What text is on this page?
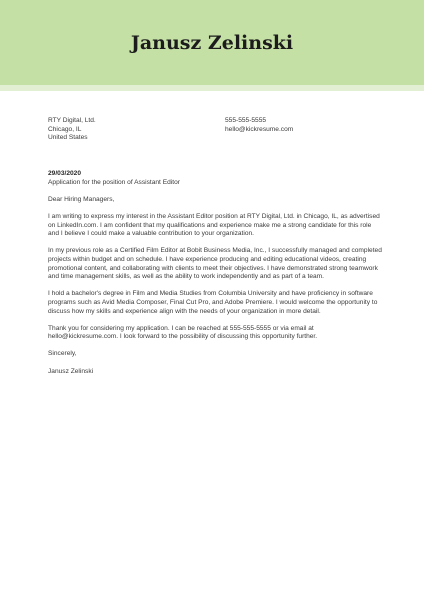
Janusz Zelinski
RTY Digital, Ltd.
Chicago, IL
United States
555-555-5555
hello@kickresume.com
29/03/2020
Application for the position of Assistant Editor

Dear Hiring Managers,

I am writing to express my interest in the Assistant Editor position at RTY Digital, Ltd. in Chicago, IL, as advertised on LinkedIn.com. I am confident that my qualifications and experience make me a strong candidate for this role and I believe I could make a valuable contribution to your organization.

In my previous role as a Certified Film Editor at Bobit Business Media, Inc., I successfully managed and completed projects within budget and on schedule. I have experience producing and editing educational videos, creating promotional content, and collaborating with clients to meet their objectives. I have demonstrated strong teamwork and time management skills, as well as the ability to work independently and as part of a team.

I hold a bachelor's degree in Film and Media Studies from Columbia University and have proficiency in software programs such as Avid Media Composer, Final Cut Pro, and Adobe Premiere. I would welcome the opportunity to discuss how my skills and experience align with the needs of your organization in more detail.

Thank you for considering my application. I can be reached at 555-555-5555 or via email at hello@kickresume.com. I look forward to the possibility of discussing this opportunity further.

Sincerely,

Janusz Zelinski
